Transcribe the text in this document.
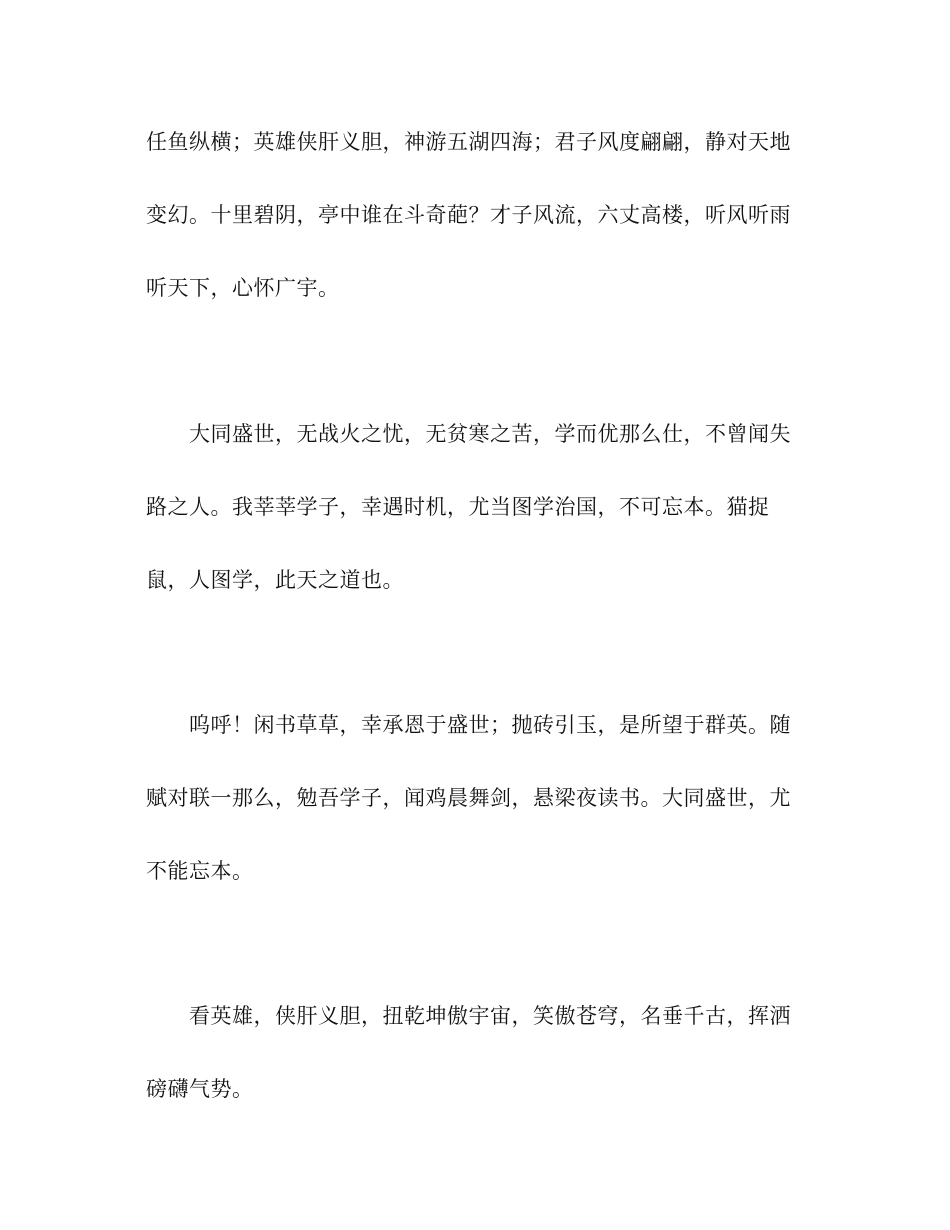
任鱼纵横；英雄侠肝义胆，神游五湖四海；君子风度翩翩，静对天地
变幻。十里碧阴，亭中谁在斗奇葩？才子风流，六丈高楼，听风听雨
听天下，心怀广宇。
大同盛世，无战火之忧，无贫寒之苦，学而优那么仕，不曾闻失
路之人。我莘莘学子，幸遇时机，尤当图学治国，不可忘本。猫捉
鼠，人图学，此天之道也。
呜呼！闲书草草，幸承恩于盛世；抛砖引玉，是所望于群英。随
赋对联一那么，勉吾学子，闻鸡晨舞剑，悬梁夜读书。大同盛世，尤
不能忘本。
看英雄，侠肝义胆，扭乾坤傲宇宙，笑傲苍穹，名垂千古，挥洒
磅礴气势。
